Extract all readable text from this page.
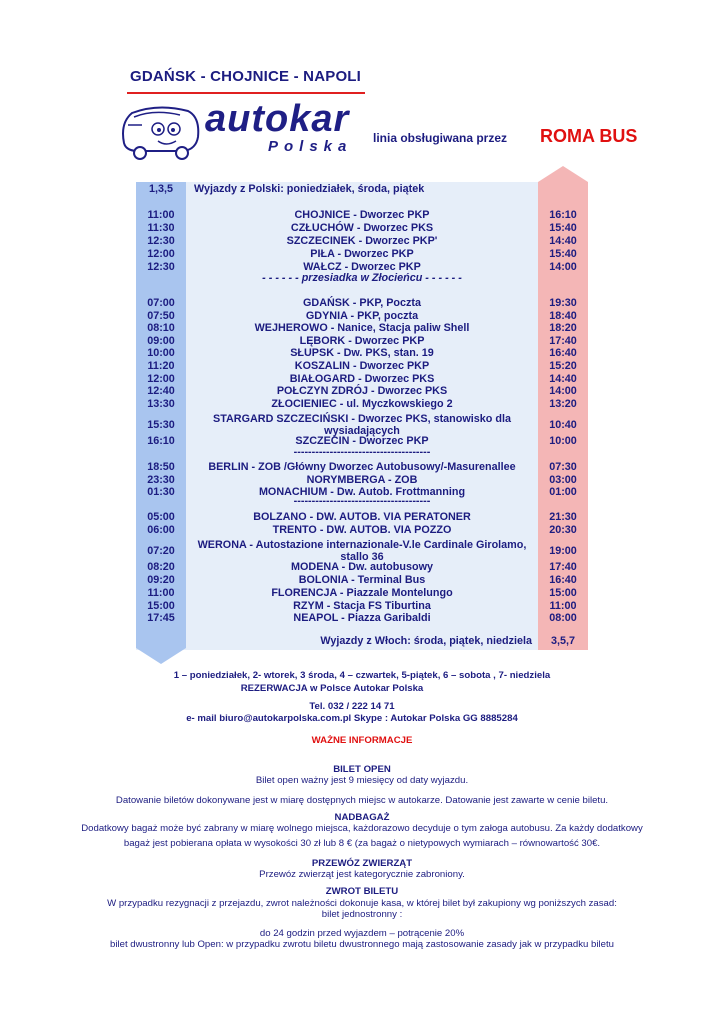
GDAŃSK - CHOJNICE - NAPOLI
autokar
Polska linia obsługiwana przez ROMA BUS
1,3,5	Wyjazdy z Polski: poniedziałek, środa, piątek
11:00	CHOJNICE - Dworzec PKP	16:10
11:30	CZŁUCHÓW - Dworzec PKS	15:40
12:30	SZCZECINEK - Dworzec PKP'	14:40
12:00	PIŁA - Dworzec PKP	15:40
12:30	WAŁCZ - Dworzec PKP	14:00
- - - - - - przesiadka w Złocieńcu - - - - - -
07:00	GDAŃSK - PKP, Poczta	19:30
07:50	GDYNIA - PKP, poczta	18:40
08:10	WEJHEROWO - Nanice, Stacja paliw Shell	18:20
09:00	LĘBORK - Dworzec PKP	17:40
10:00	SŁUPSK - Dw. PKS, stan. 19	16:40
11:20	KOSZALIN - Dworzec PKP	15:20
12:00	BIAŁOGARD - Dworzec PKS	14:40
12:40	POŁCZYN ZDRÓJ - Dworzec PKS	14:00
13:30	ZŁOCIENIEC - ul. Myczkowskiego 2	13:20
15:30	STARGARD SZCZECIŃSKI - Dworzec PKS, stanowisko dla wysiadających	10:40
16:10	SZCZECIN - Dworzec PKP	10:00
--------------------------------------
18:50	BERLIN - ZOB /Główny Dworzec Autobusowy/-Masurenallee	07:30
23:30	NORYMBERGA - ZOB	03:00
01:30	MONACHIUM - Dw. Autob. Frottmanning	01:00
--------------------------------------
05:00	BOLZANO - DW. AUTOB. VIA PERATONER	21:30
06:00	TRENTO - DW. AUTOB. VIA POZZO	20:30
07:20	WERONA - Autostazione internazionale-V.le Cardinale Girolamo, stallo 36	19:00
08:20	MODENA - Dw. autobusowy	17:40
09:20	BOLONIA - Terminal Bus	16:40
11:00	FLORENCJA - Piazzale Montelungo	15:00
15:00	RZYM - Stacja FS Tiburtina	11:00
17:45	NEAPOL - Piazza Garibaldi	08:00
Wyjazdy z Włoch: środa, piątek, niedziela	3,5,7
1 – poniedziałek, 2- wtorek, 3 środa, 4 – czwartek, 5-piątek, 6 – sobota , 7- niedziela
REZERWACJA w Polsce Autokar Polska
Tel. 032 / 222 14 71
e- mail biuro@autokarpolska.com.pl Skype : Autokar Polska GG 8885284
WAŻNE INFORMACJE
BILET OPEN
Bilet open ważny jest 9 miesięcy od daty wyjazdu.
Datowanie biletów dokonywane jest w miarę dostępnych miejsc w autokarze. Datowanie jest zawarte w cenie biletu.
NADBAGAŻ
Dodatkowy bagaż może być zabrany w miarę wolnego miejsca, każdorazowo decyduje o tym załoga autobusu. Za każdy dodatkowy
bagaż jest pobierana opłata w wysokości 30 zł lub 8 € (za bagaż o nietypowych wymiarach – równowartość 30€.
PRZEWÓZ ZWIERZĄT
Przewóz zwierząt jest kategorycznie zabroniony.
ZWROT BILETU
W przypadku rezygnacji z przejazdu, zwrot należności dokonuje kasa, w której bilet był zakupiony wg poniższych zasad:
bilet jednostronny :
do 24 godzin przed wyjazdem – potrącenie 20%
bilet dwustronny lub Open: w przypadku zwrotu biletu dwustronnego mają zastosowanie zasady jak w przypadku biletu
